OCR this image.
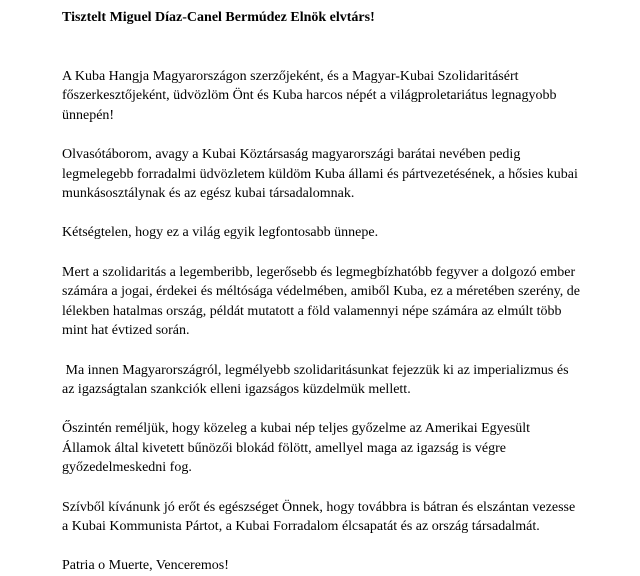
Tisztelt Miguel Díaz-Canel Bermúdez Elnök elvtárs!
A Kuba Hangja Magyarországon szerzőjeként, és a Magyar-Kubai Szolidaritásért
főszerkesztőjeként, üdvözlöm Önt és Kuba harcos népét a világproletariátus legnagyobb
ünnepén!
Olvasótáborom, avagy a Kubai Köztársaság magyarországi barátai nevében pedig
legmelegebb forradalmi üdvözletem küldöm Kuba állami és pártvezetésének, a hősies kubai
munkásosztálynak és az egész kubai társadalomnak.
Kétségtelen, hogy ez a világ egyik legfontosabb ünnepe.
Mert a szolidaritás a legemberibb, legerősebb és legmegbízhatóbb fegyver a dolgozó ember
számára a jogai, érdekei és méltósága védelmében, amiből Kuba, ez a méretében szerény, de
lélekben hatalmas ország, példát mutatott a föld valamennyi népe számára az elmúlt több
mint hat évtized során.
Ma innen Magyarországról, legmélyebb szolidaritásunkat fejezzük ki az imperializmus és
az igazságtalan szankciók elleni igazságos küzdelmük mellett.
Őszintén reméljük, hogy közeleg a kubai nép teljes győzelme az Amerikai Egyesült
Államok által kivetett bűnözői blokád fölött, amellyel maga az igazság is végre
győzedelmeskedni fog.
Szívből kívánunk jó erőt és egészséget Önnek, hogy továbbra is bátran és elszántan vezesse
a Kubai Kommunista Pártot, a Kubai Forradalom élcsapatát és az ország társadalmát.
Patria o Muerte, Venceremos!
